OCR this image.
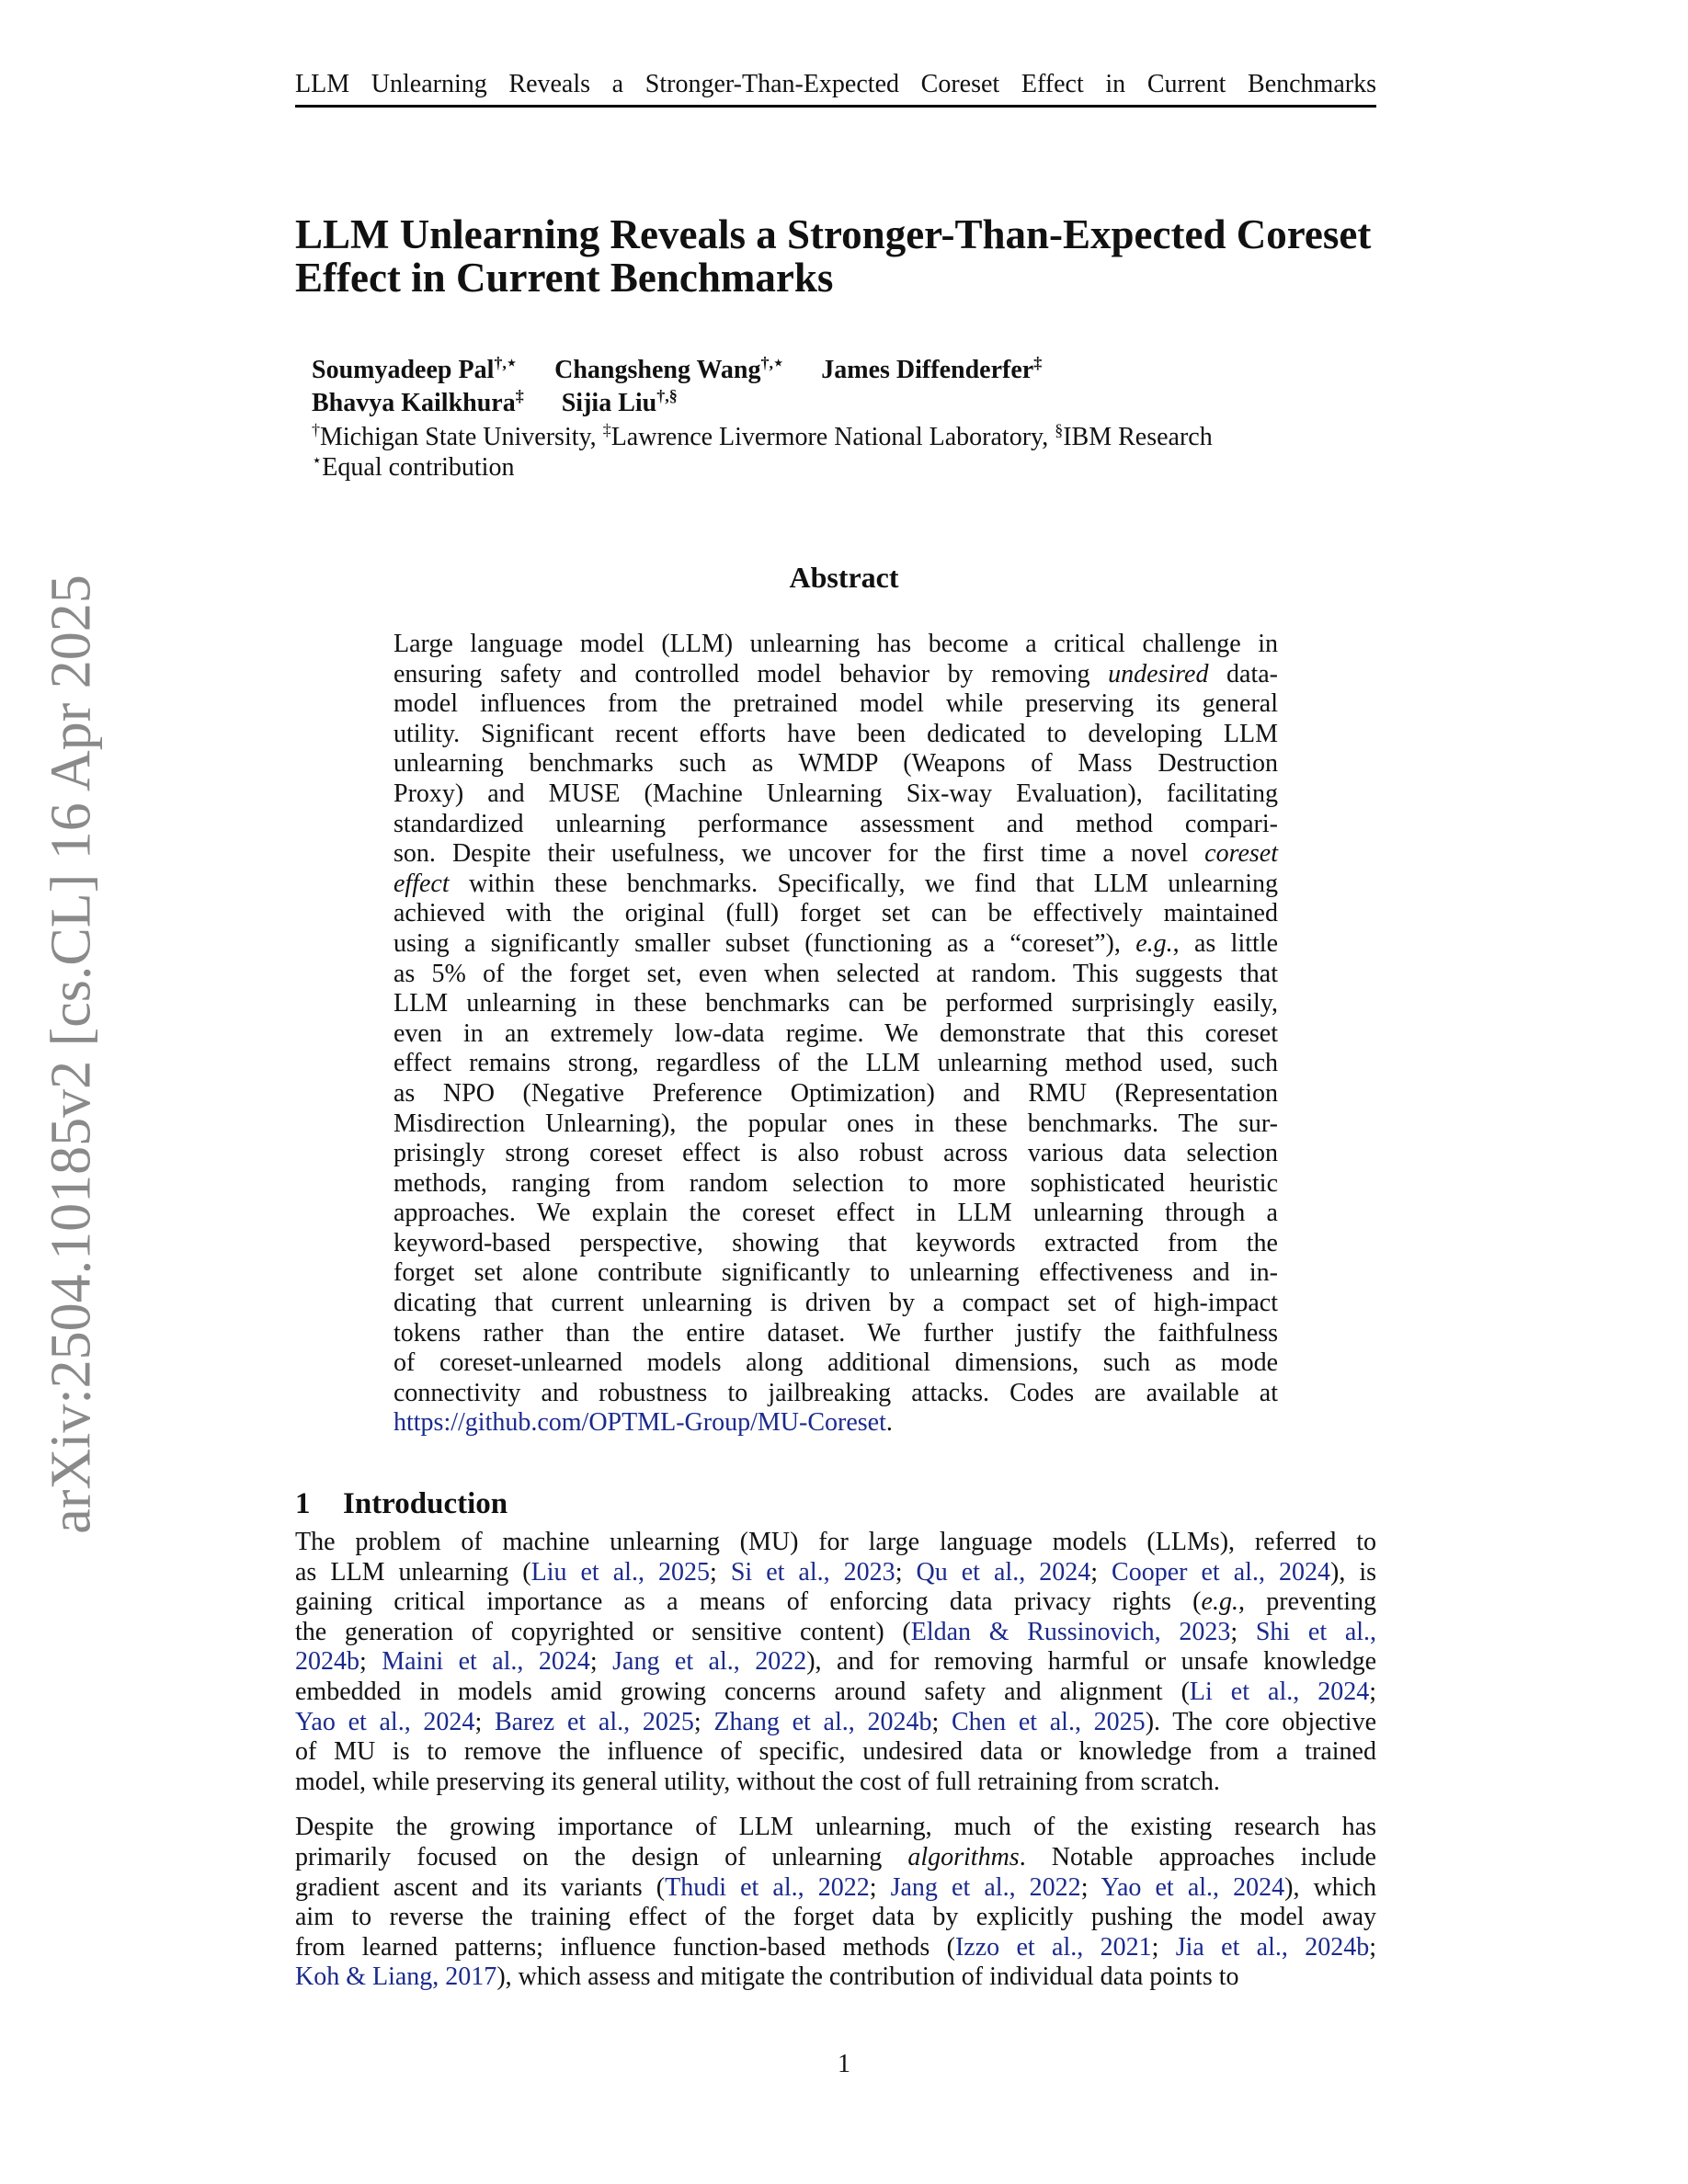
LLM Unlearning Reveals a Stronger-Than-Expected Coreset Effect in Current Benchmarks
arXiv:2504.10185v2 [cs.CL] 16 Apr 2025
LLM Unlearning Reveals a Stronger-Than-Expected Coreset
Effect in Current Benchmarks
Soumyadeep Pal†,⋆ Changsheng Wang†,⋆ James Diffenderfer‡
Bhavya Kailkhura‡ Sijia Liu†,§
†Michigan State University, ‡Lawrence Livermore National Laboratory, §IBM Research
⋆Equal contribution
Abstract
Large language model (LLM) unlearning has become a critical challenge in
ensuring safety and controlled model behavior by removing undesired data-
model influences from the pretrained model while preserving its general
utility. Significant recent efforts have been dedicated to developing LLM
unlearning benchmarks such as WMDP (Weapons of Mass Destruction
Proxy) and MUSE (Machine Unlearning Six-way Evaluation), facilitating
standardized unlearning performance assessment and method compari-
son. Despite their usefulness, we uncover for the first time a novel coreset
effect within these benchmarks. Specifically, we find that LLM unlearning
achieved with the original (full) forget set can be effectively maintained
using a significantly smaller subset (functioning as a “coreset”), e.g., as little
as 5% of the forget set, even when selected at random. This suggests that
LLM unlearning in these benchmarks can be performed surprisingly easily,
even in an extremely low-data regime. We demonstrate that this coreset
effect remains strong, regardless of the LLM unlearning method used, such
as NPO (Negative Preference Optimization) and RMU (Representation
Misdirection Unlearning), the popular ones in these benchmarks. The sur-
prisingly strong coreset effect is also robust across various data selection
methods, ranging from random selection to more sophisticated heuristic
approaches. We explain the coreset effect in LLM unlearning through a
keyword-based perspective, showing that keywords extracted from the
forget set alone contribute significantly to unlearning effectiveness and in-
dicating that current unlearning is driven by a compact set of high-impact
tokens rather than the entire dataset. We further justify the faithfulness
of coreset-unlearned models along additional dimensions, such as mode
connectivity and robustness to jailbreaking attacks. Codes are available at
https://github.com/OPTML-Group/MU-Coreset.
1 Introduction
The problem of machine unlearning (MU) for large language models (LLMs), referred to
as LLM unlearning (Liu et al., 2025; Si et al., 2023; Qu et al., 2024; Cooper et al., 2024), is
gaining critical importance as a means of enforcing data privacy rights (e.g., preventing
the generation of copyrighted or sensitive content) (Eldan & Russinovich, 2023; Shi et al.,
2024b; Maini et al., 2024; Jang et al., 2022), and for removing harmful or unsafe knowledge
embedded in models amid growing concerns around safety and alignment (Li et al., 2024;
Yao et al., 2024; Barez et al., 2025; Zhang et al., 2024b; Chen et al., 2025). The core objective
of MU is to remove the influence of specific, undesired data or knowledge from a trained
model, while preserving its general utility, without the cost of full retraining from scratch.
Despite the growing importance of LLM unlearning, much of the existing research has
primarily focused on the design of unlearning algorithms. Notable approaches include
gradient ascent and its variants (Thudi et al., 2022; Jang et al., 2022; Yao et al., 2024), which
aim to reverse the training effect of the forget data by explicitly pushing the model away
from learned patterns; influence function-based methods (Izzo et al., 2021; Jia et al., 2024b;
Koh & Liang, 2017), which assess and mitigate the contribution of individual data points to
1
